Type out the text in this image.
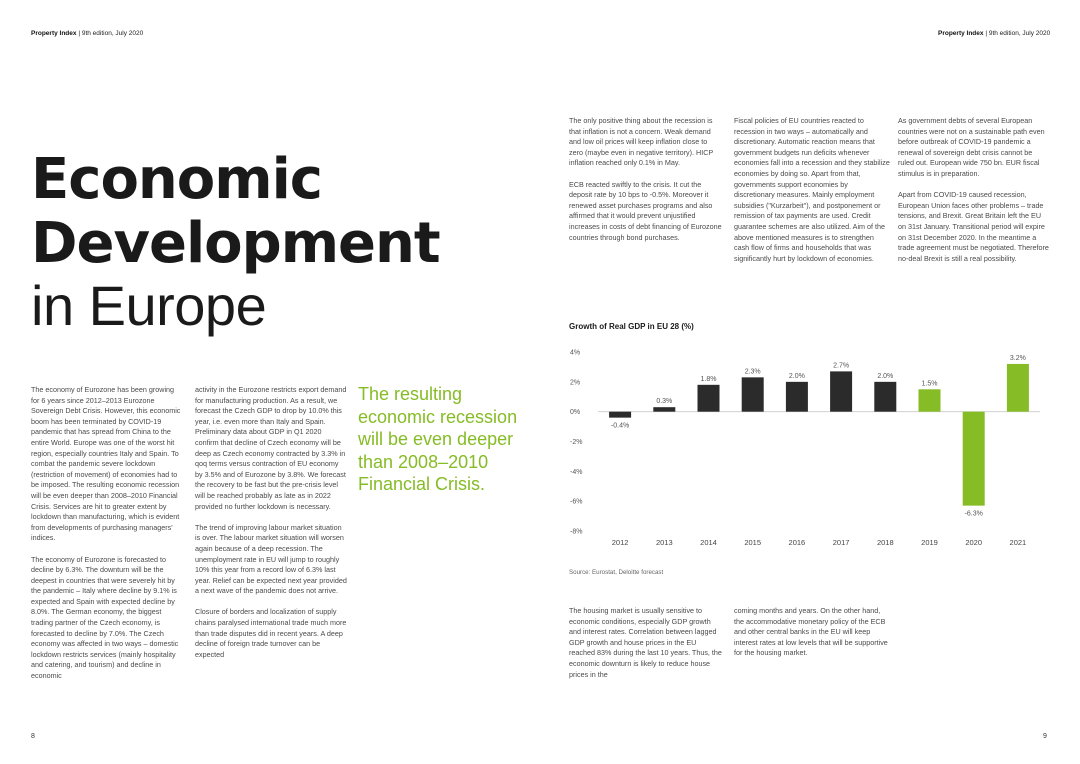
Property Index | 9th edition, July 2020	Property Index | 9th edition, July 2020
Economic
Development
in Europe

The economy of Eurozone has been growing for 6 years since 2012–2013 Eurozone Sovereign Debt Crisis. However, this economic boom has been terminated by COVID-19 pandemic that has spread from China to the entire World. Europe was one of the worst hit region, especially countries Italy and Spain. To combat the pandemic severe lockdown (restriction of movement) of economies had to be imposed. The resulting economic recession will be even deeper than 2008–2010 Financial Crisis. Services are hit to greater extent by lockdown than manufacturing, which is evident from developments of purchasing managers' indices.

The economy of Eurozone is forecasted to decline by 6.3%. The downturn will be the deepest in countries that were severely hit by the pandemic – Italy where decline by 9.1% is expected and Spain with expected decline by 8.0%. The German economy, the biggest trading partner of the Czech economy, is forecasted to decline by 7.0%. The Czech economy was affected in two ways – domestic lockdown restricts services (mainly hospitality and catering, and tourism) and decline in economic

activity in the Eurozone restricts export demand for manufacturing production. As a result, we forecast the Czech GDP to drop by 10.0% this year, i.e. even more than Italy and Spain. Preliminary data about GDP in Q1 2020 confirm that decline of Czech economy will be deep as Czech economy contracted by 3.3% in qoq terms versus contraction of EU economy by 3.5% and of Eurozone by 3.8%. We forecast the recovery to be fast but the pre-crisis level will be reached probably as late as in 2022 provided no further lockdown is necessary.

The trend of improving labour market situation is over. The labour market situation will worsen again because of a deep recession. The unemployment rate in EU will jump to roughly 10% this year from a record low of 6.3% last year. Relief can be expected next year provided a next wave of the pandemic does not arrive.

Closure of borders and localization of supply chains paralysed international trade much more than trade disputes did in recent years. A deep decline of foreign trade turnover can be expected

The resulting economic recession will be even deeper than 2008–2010 Financial Crisis.

The only positive thing about the recession is that inflation is not a concern. Weak demand and low oil prices will keep inflation close to zero (maybe even in negative territory). HICP inflation reached only 0.1% in May.

ECB reacted swiftly to the crisis. It cut the deposit rate by 10 bps to -0.5%. Moreover it renewed asset purchases programs and also affirmed that it would prevent unjustified increases in costs of debt financing of Eurozone countries through bond purchases.

Fiscal policies of EU countries reacted to recession in two ways – automatically and discretionary. Automatic reaction means that government budgets run deficits whenever economies fall into a recession and they stabilize economies by doing so. Apart from that, governments support economies by discretionary measures. Mainly employment subsidies ("Kurzarbeit"), and postponement or remission of tax payments are used. Credit guarantee schemes are also utilized. Aim of the above mentioned measures is to strengthen cash flow of firms and households that was significantly hurt by lockdown of economies.

As government debts of several European countries were not on a sustainable path even before outbreak of COVID-19 pandemic a renewal of sovereign debt crisis cannot be ruled out. European wide 750 bn. EUR fiscal stimulus is in preparation.

Apart from COVID-19 caused recession, European Union faces other problems – trade tensions, and Brexit. Great Britain left the EU on 31st January. Transitional period will expire on 31st December 2020. In the meantime a trade agreement must be negotiated. Therefore no-deal Brexit is still a real possibility.

Growth of Real GDP in EU 28 (%)
4%
2%
0%
-2%
-4%
-6%
-8%
-0.4%
2012
0.3%
2013
1.8%
2014
2.3%
2015
2.0%
2016
2.7%
2017
2.0%
2018
1.5%
2019
-6.3%
2020
3.2%
2021
Source: Eurostat, Deloitte forecast

The housing market is usually sensitive to economic conditions, especially GDP growth and interest rates. Correlation between lagged GDP growth and house prices in the EU reached 83% during the last 10 years. Thus, the economic downturn is likely to reduce house prices in the

coming months and years. On the other hand, the accommodative monetary policy of the ECB and other central banks in the EU will keep interest rates at low levels that will be supportive for the housing market.

8	9
